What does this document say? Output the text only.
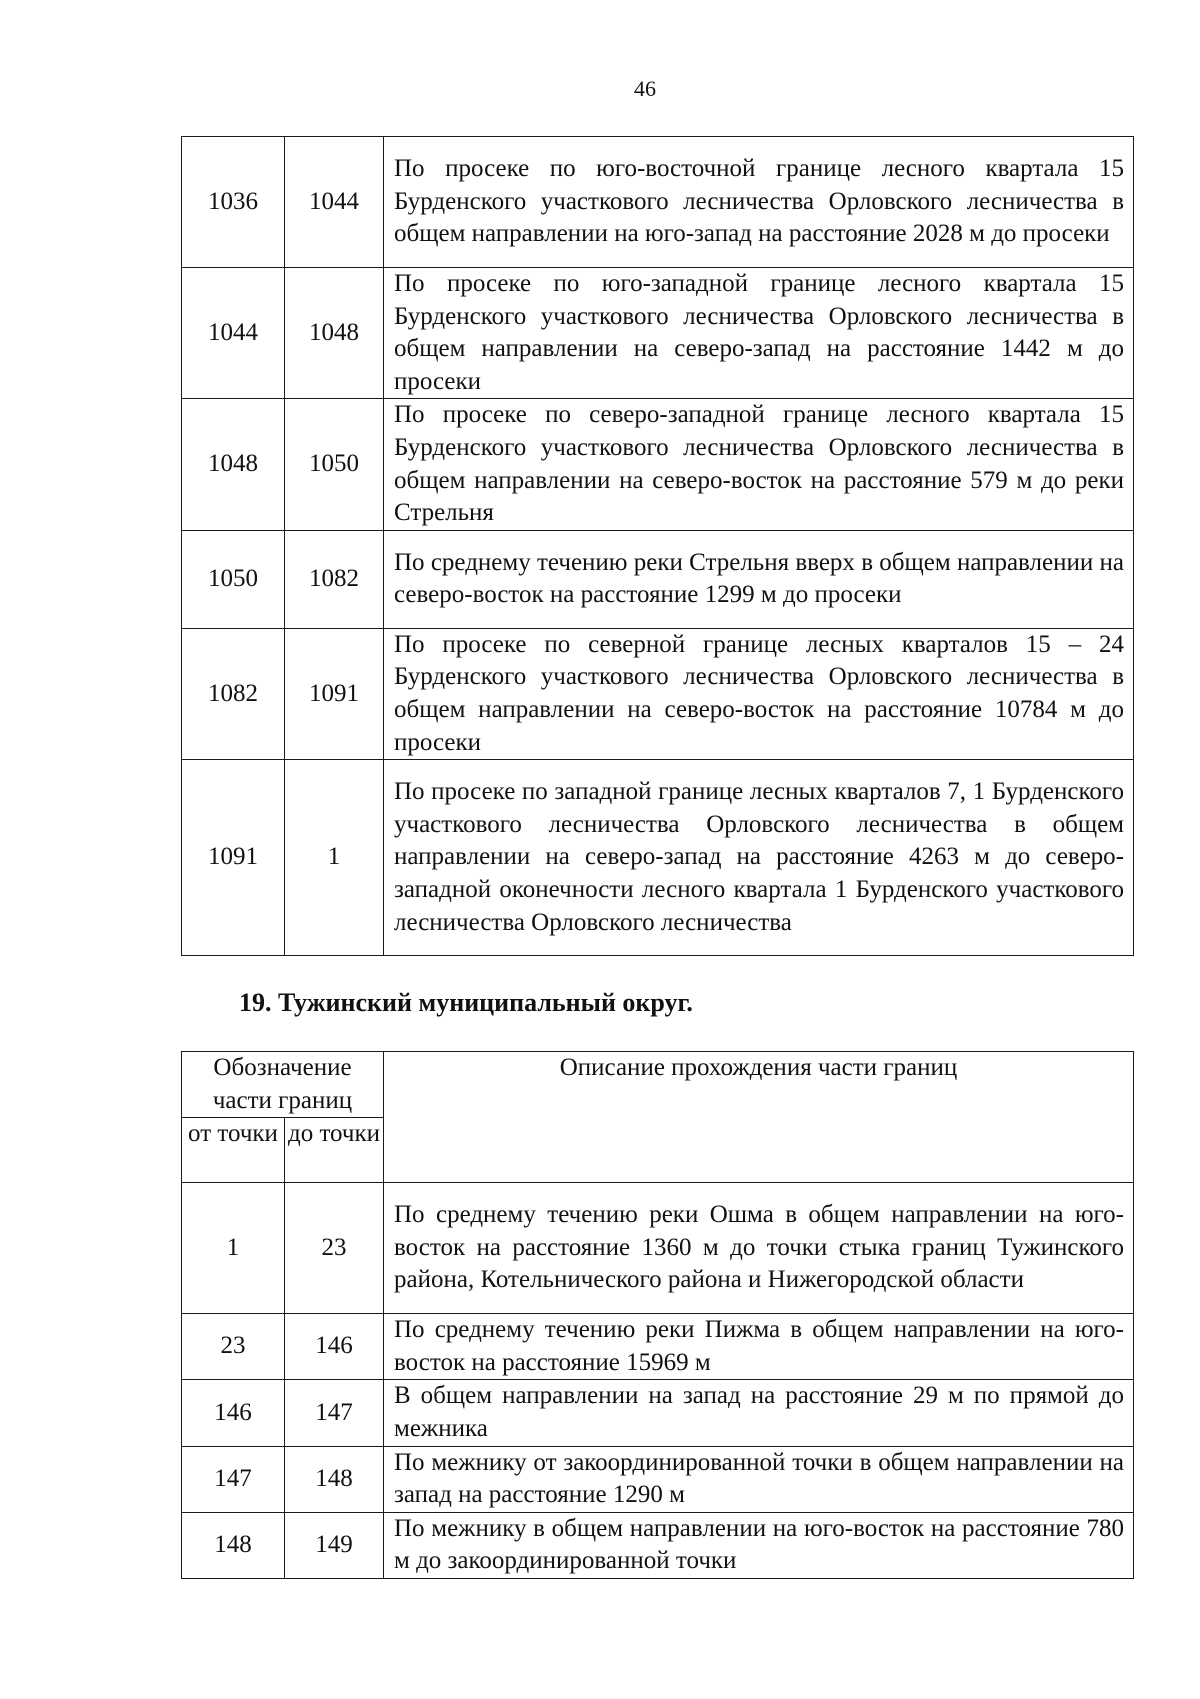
46
1036	1044	По просеке по юго-восточной границе лесного квартала 15 Бурденского участкового лесничества Орловского лесничества в общем направлении на юго-запад на расстояние 2028 м до просеки
1044	1048	По просеке по юго-западной границе лесного квартала 15 Бурденского участкового лесничества Орловского лесничества в общем направлении на северо-запад на расстояние 1442 м до просеки
1048	1050	По просеке по северо-западной границе лесного квартала 15 Бурденского участкового лесничества Орловского лесничества в общем направлении на северо-восток на расстояние 579 м до реки Стрельня
1050	1082	По среднему течению реки Стрельня вверх в общем направлении на северо-восток на расстояние 1299 м до просеки
1082	1091	По просеке по северной границе лесных кварталов 15 – 24 Бурденского участкового лесничества Орловского лесничества в общем направлении на северо-восток на расстояние 10784 м до просеки
1091	1	По просеке по западной границе лесных кварталов 7, 1 Бурденского участкового лесничества Орловского лесничества в общем направлении на северо-запад на расстояние 4263 м до северо-западной оконечности лесного квартала 1 Бурденского участкового лесничества Орловского лесничества
19. Тужинский муниципальный округ.
Обозначение части границ		Описание прохождения части границ
от точки	до точки	
1	23	По среднему течению реки Ошма в общем направлении на юго-восток на расстояние 1360 м до точки стыка границ Тужинского района, Котельнического района и Нижегородской области
23	146	По среднему течению реки Пижма в общем направлении на юго-восток на расстояние 15969 м
146	147	В общем направлении на запад на расстояние 29 м по прямой до межника
147	148	По межнику от закоординированной точки в общем направлении на запад на расстояние 1290 м
148	149	По межнику в общем направлении на юго-восток на расстояние 780 м до закоординированной точки
